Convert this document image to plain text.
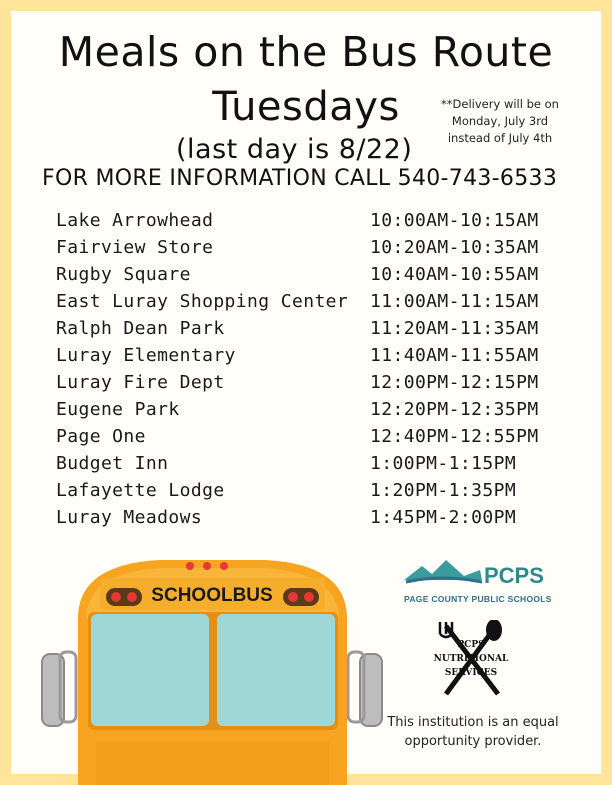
Meals on the Bus Route
Tuesdays
(last day is 8/22)
FOR MORE INFORMATION CALL 540-743-6533
**Delivery will be on
Monday, July 3rd
instead of July 4th
Lake Arrowhead	10:00AM-10:15AM
Fairview Store	10:20AM-10:35AM
Rugby Square	10:40AM-10:55AM
East Luray Shopping Center 11:00AM-11:15AM
Ralph Dean Park	11:20AM-11:35AM
Luray Elementary	11:40AM-11:55AM
Luray Fire Dept	12:00PM-12:15PM
Eugene Park	12:20PM-12:35PM
Page One	12:40PM-12:55PM
Budget Inn	1:00PM-1:15PM
Lafayette Lodge	1:20PM-1:35PM
Luray Meadows	1:45PM-2:00PM
SCHOOLBUS
PCPS
PAGE COUNTY PUBLIC SCHOOLS
PCPS
NUTRITIONAL
SERVICES
This institution is an equal
opportunity provider.
